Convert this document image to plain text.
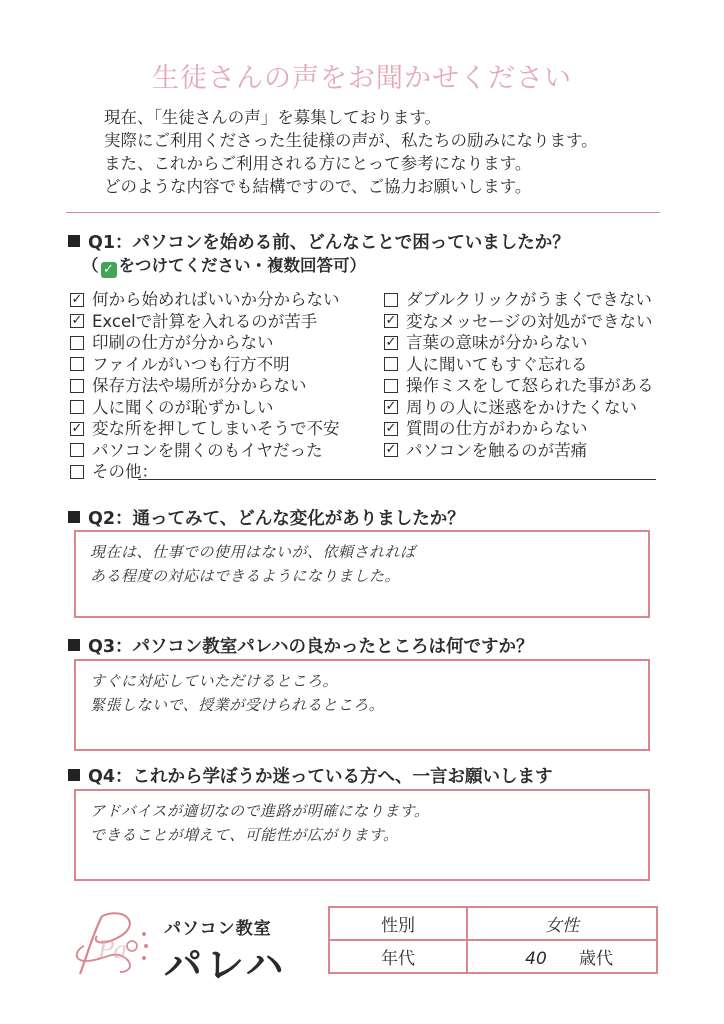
生徒さんの声をお聞かせください
現在、「生徒さんの声」を募集しております。
実際にご利用くださった生徒様の声が、私たちの励みになります。
また、これからご利用される方にとって参考になります。
どのような内容でも結構ですので、ご協力お願いします。
Q1：パソコンを始める前、どんなことで困っていましたか？
（ ✓ をつけてください・複数回答可）
✓ 何から始めればいいか分からない
✓ Excelで計算を入れるのが苦手
印刷の仕方が分からない
ファイルがいつも行方不明
保存方法や場所が分からない
人に聞くのが恥ずかしい
✓ 変な所を押してしまいそうで不安
パソコンを開くのもイヤだった
その他：
ダブルクリックがうまくできない
✓ 変なメッセージの対処ができない
✓ 言葉の意味が分からない
人に聞いてもすぐ忘れる
操作ミスをして怒られた事がある
✓ 周りの人に迷惑をかけたくない
✓ 質問の仕方がわからない
✓ パソコンを触るのが苦痛
Q2：通ってみて、どんな変化がありましたか？
現在は、仕事での使用はないが、依頼されれば
ある程度の対応はできるようになりました。
Q3：パソコン教室パレハの良かったところは何ですか？
すぐに対応していただけるところ。
緊張しないで、授業が受けられるところ。
Q4：これから学ぼうか迷っている方へ、一言お願いします
アドバイスが適切なので進路が明確になります。
できることが増えて、可能性が広がります。
Pa
パソコン教室
パレハ
性別	女性
年代	40 歳代
